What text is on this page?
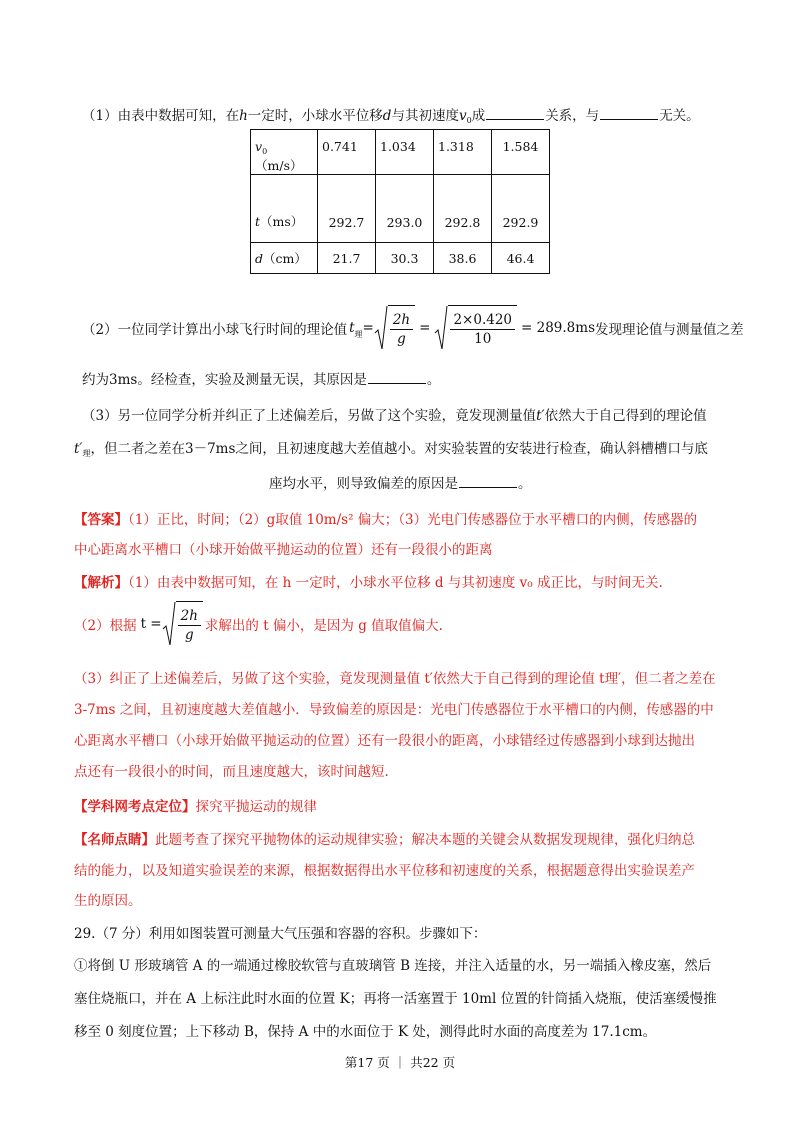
（1）由表中数据可知，在h一定时，小球水平位移d与其初速度$v_0$成	关系，与	无关。
$v_0(m/s)$	0.741	1.034	1.318	1.584
t（ms）	292.7	293.0	292.8	292.9
d（cm）	21.7	30.3	38.6	46.4
（2）一位同学计算出小球飞行时间的理论值 t 理 = $\frac{2h}{g} = \frac{2\times 0.420}{10} = 289.8ms$ 发现理论值与测量值之差
约为3ms。经检查，实验及测量无误，其原因是	。
（3）另一位同学分析并纠正了上述偏差后，另做了这个实验，竟发现测量值t′依然大于自己得到的理论值
$t'_理$，但二者之差在3－7ms之间，且初速度越大差值越小。对实验装置的安装进行检查，确认斜槽槽口与底
座均水平，则导致偏差的原因是	。
【答案】（1）正比，时间；（2）g取值 10m/s² 偏大；（3）光电门传感器位于水平槽口的内侧，传感器的
中心距离水平槽口（小球开始做平抛运动的位置）还有一段很小的距离
【解析】（1）由表中数据可知，在 h 一定时，小球水平位移 d 与其初速度 v₀ 成正比，与时间无关.
（2）根据 $t = \frac{2h}{g}$ 求解出的 t 偏小，是因为 g 值取值偏大.
（3）纠正了上述偏差后，另做了这个实验，竟发现测量值 t′依然大于自己得到的理论值 t理′，但二者之差在
3-7ms 之间，且初速度越大差值越小．导致偏差的原因是：光电门传感器位于水平槽口的内侧，传感器的中
心距离水平槽口（小球开始做平抛运动的位置）还有一段很小的距离，小球错经过传感器到小球到达抛出
点还有一段很小的时间，而且速度越大，该时间越短.
【学科网考点定位】探究平抛运动的规律
【名师点睛】此题考查了探究平抛物体的运动规律实验；解决本题的关键会从数据发现规律，强化归纳总
结的能力，以及知道实验误差的来源，根据数据得出水平位移和初速度的关系，根据题意得出实验误差产
生的原因。
29.（7 分）利用如图装置可测量大气压强和容器的容积。步骤如下：
①将倒 U 形玻璃管 A 的一端通过橡胶软管与直玻璃管 B 连接，并注入适量的水，另一端插入橡皮塞，然后
塞住烧瓶口，并在 A 上标注此时水面的位置 K；再将一活塞置于 10ml 位置的针筒插入烧瓶，使活塞缓慢推
移至 0 刻度位置；上下移动 B，保持 A 中的水面位于 K 处，测得此时水面的高度差为 17.1cm。
第17 页 ｜ 共22 页
